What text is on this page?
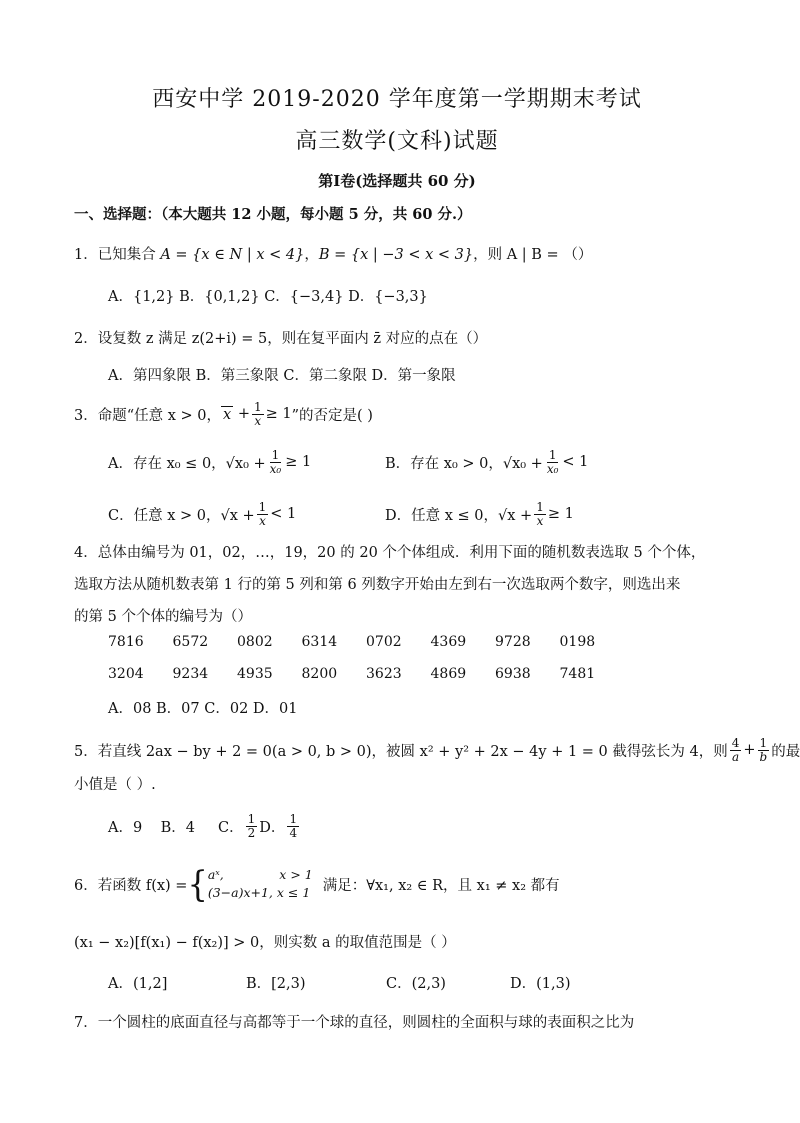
西安中学 2019-2020 学年度第一学期期末考试
高三数学(文科)试题
第Ⅰ卷(选择题共 60 分)
一、选择题：（本大题共 12 小题，每小题 5 分，共 60 分.）
1．已知集合 A = {x ∈ N | x < 4}，B = {x | −3 < x < 3}，则 A | B = （）
A．{1,2} B．{0,1,2} C．{−3,4} D．{−3,3}
2．设复数 z 满足 z(2+i) = 5，则在复平面内 z̄ 对应的点在（）
A．第四象限 B．第三象限 C．第二象限 D．第一象限
3．命题“任意 x > 0， $x + \frac{1}{x} \ge 1$ ”的否定是( )
A．存在 x₀ ≤ 0，$√x_0 + \frac{1}{\text{x₀}} \ge 1$	B．存在 x₀ > 0，$√x_0 + \frac{1}{\text{x₀}} < 1$
C．任意 x > 0，$√x + \frac{1}{x} < 1$	D．任意 x ≤ 0，$√x + \frac{1}{x} \ge 1$
4．总体由编号为 01，02，…，19，20 的 20 个个体组成．利用下面的随机数表选取 5 个个体，
选取方法从随机数表第 1 行的第 5 列和第 6 列数字开始由左到右一次选取两个数字，则选出来
的第 5 个个体的编号为（）
7816 6572 0802 6314 0702 4369 9728 0198
3204 9234 4935 8200 3623 4869 6938 7481
A．08 B．07 C．02 D．01
5．若直线 2ax − by + 2 = 0(a > 0, b > 0)，被圆 x² + y² + 2x − 4y + 1 = 0 截得弦长为 4，则 $\frac{4}{a} + \frac{1}{b}$ 的最
小值是（ ）.
A．9    B．4     C． $\frac{1}{2}$ D． $\frac{1}{4}$
6．若函数 f(x) = { aˣ,              x > 1
(3−a)x+1, x ≤ 1 满足：∀x₁, x₂ ∈ R，且 x₁ ≠ x₂ 都有
(x₁ − x₂)[f(x₁) − f(x₂)] > 0，则实数 a 的取值范围是（ ）
A．(1,2]	B．[2,3)	C．(2,3)	D．(1,3)
7．一个圆柱的底面直径与高都等于一个球的直径，则圆柱的全面积与球的表面积之比为
